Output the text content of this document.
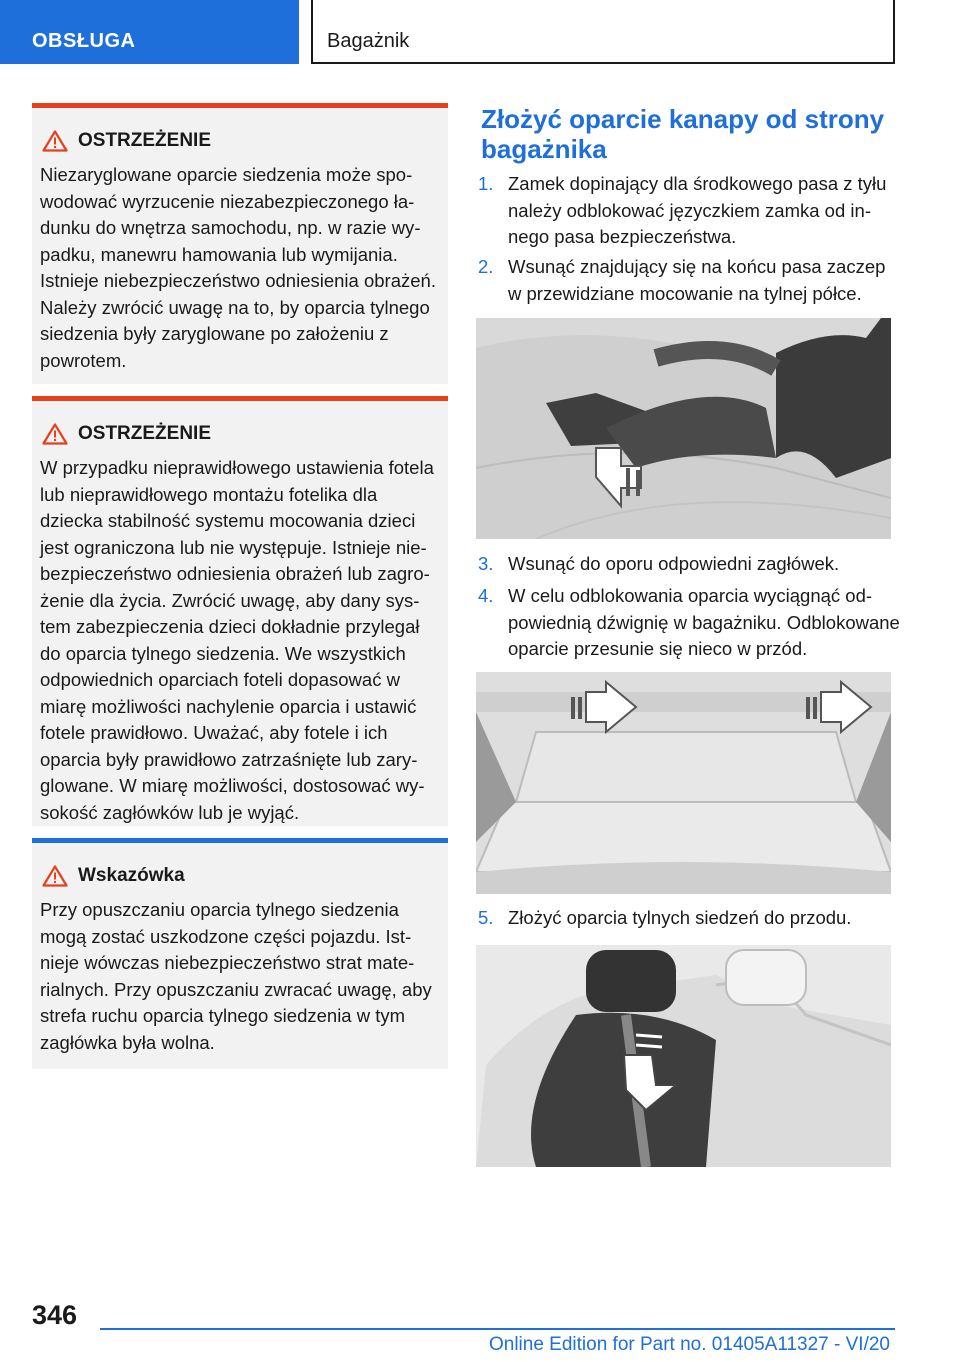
OBSŁUGA	Bagażnik
OSTRZEŻENIE

Niezaryglowane oparcie siedzenia może spowodować wyrzucenie niezabezpieczonego ładunku do wnętrza samochodu, np. w razie wypadku, manewru hamowania lub wymijania. Istnieje niebezpieczeństwo odniesienia obrażeń. Należy zwrócić uwagę na to, by oparcia tylnego siedzenia były zaryglowane po założeniu z powrotem.

OSTRZEŻENIE

W przypadku nieprawidłowego ustawienia fotela lub nieprawidłowego montażu fotelika dla dziecka stabilność systemu mocowania dzieci jest ograniczona lub nie występuje. Istnieje niebezpieczeństwo odniesienia obrażeń lub zagrożenie dla życia. Zwrócić uwagę, aby dany system zabezpieczenia dzieci dokładnie przylegał do oparcia tylnego siedzenia. We wszystkich odpowiednich oparciach foteli dopasować w miarę możliwości nachylenie oparcia i ustawić fotele prawidłowo. Uważać, aby fotele i ich oparcia były prawidłowo zatrzaśnięte lub zaryglowane. W miarę możliwości, dostosować wysokość zagłówków lub je wyjąć.

Wskazówka

Przy opuszczaniu oparcia tylnego siedzenia mogą zostać uszkodzone części pojazdu. Istnieje wówczas niebezpieczeństwo strat materialnych. Przy opuszczaniu zwracać uwagę, aby strefa ruchu oparcia tylnego siedzenia w tym zagłówka była wolna.

Złożyć oparcie kanapy od strony bagażnika
1. Zamek dopinający dla środkowego pasa z tyłu należy odblokować języczkiem zamka od innego pasa bezpieczeństwa.
2. Wsunąć znajdujący się na końcu pasa zaczep w przewidziane mocowanie na tylnej półce.
3. Wsunąć do oporu odpowiedni zagłówek.
4. W celu odblokowania oparcia wyciągnąć odpowiednią dźwignię w bagażniku. Odblokowane oparcie przesunie się nieco w przód.
5. Złożyć oparcia tylnych siedzeń do przodu.
346
Online Edition for Part no. 01405A11327 - VI/20
